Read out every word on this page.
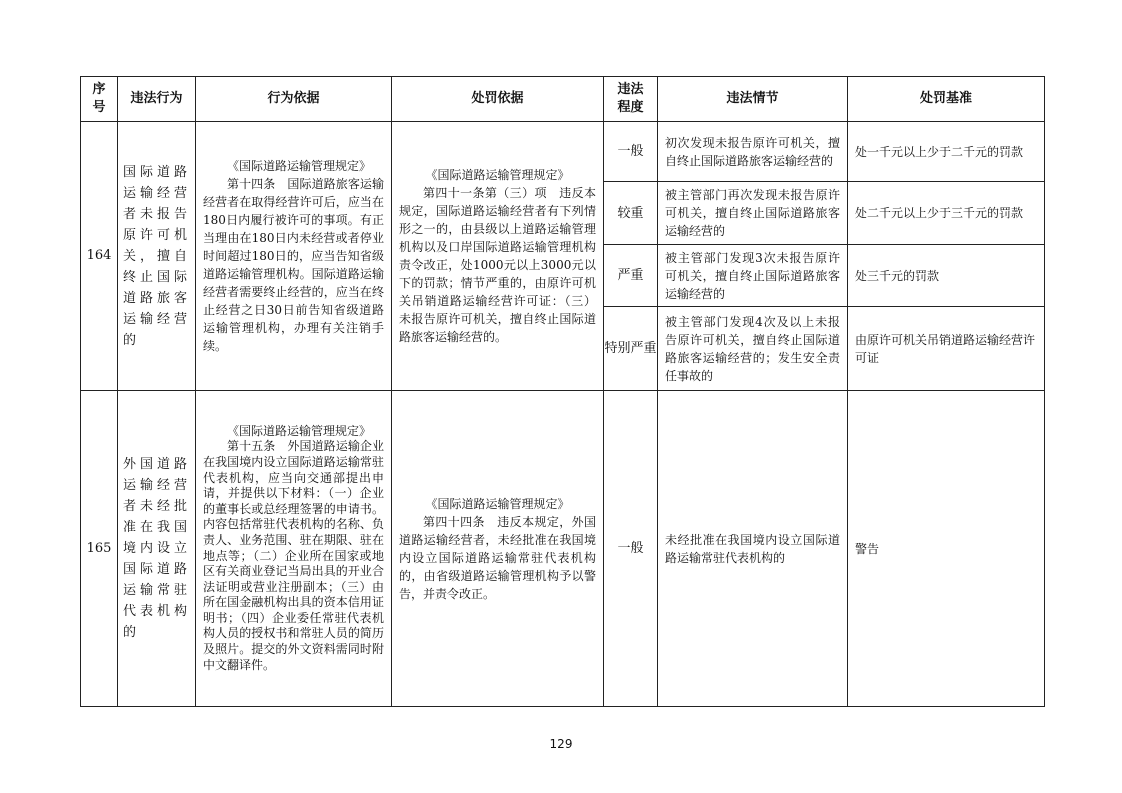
序号	违法行为	行为依据	处罚依据	违法程度	违法情节	处罚基准
164	国际道路运输经营者未报告原许可机关，擅自终止国际道路旅客运输经营的	《国际道路运输管理规定》
第十四条　国际道路旅客运输经营者在取得经营许可后，应当在180日内履行被许可的事项。有正当理由在180日内未经营或者停业时间超过180日的，应当告知省级道路运输管理机构。国际道路运输经营者需要终止经营的，应当在终止经营之日30日前告知省级道路运输管理机构，办理有关注销手续。	《国际道路运输管理规定》
第四十一条第（三）项　违反本规定，国际道路运输经营者有下列情形之一的，由县级以上道路运输管理机构以及口岸国际道路运输管理机构责令改正，处1000元以上3000元以下的罚款；情节严重的，由原许可机关吊销道路运输经营许可证：（三）未报告原许可机关，擅自终止国际道路旅客运输经营的。	一般	初次发现未报告原许可机关，擅自终止国际道路旅客运输经营的	处一千元以上少于二千元的罚款
				较重	被主管部门再次发现未报告原许可机关，擅自终止国际道路旅客运输经营的	处二千元以上少于三千元的罚款
				严重	被主管部门发现3次未报告原许可机关，擅自终止国际道路旅客运输经营的	处三千元的罚款
				特别严重	被主管部门发现4次及以上未报告原许可机关，擅自终止国际道路旅客运输经营的；发生安全责任事故的	由原许可机关吊销道路运输经营许可证
165	外国道路运输经营者未经批准在我国境内设立国际道路运输常驻代表机构的	《国际道路运输管理规定》
第十五条　外国道路运输企业在我国境内设立国际道路运输常驻代表机构，应当向交通部提出申请，并提供以下材料：（一）企业的董事长或总经理签署的申请书。内容包括常驻代表机构的名称、负责人、业务范围、驻在期限、驻在地点等；（二）企业所在国家或地区有关商业登记当局出具的开业合法证明或营业注册副本；（三）由所在国金融机构出具的资本信用证明书；（四）企业委任常驻代表机构人员的授权书和常驻人员的简历及照片。提交的外文资料需同时附中文翻译件。	《国际道路运输管理规定》
第四十四条　违反本规定，外国道路运输经营者，未经批准在我国境内设立国际道路运输常驻代表机构的，由省级道路运输管理机构予以警告，并责令改正。	一般	未经批准在我国境内设立国际道路运输常驻代表机构的	警告
129
